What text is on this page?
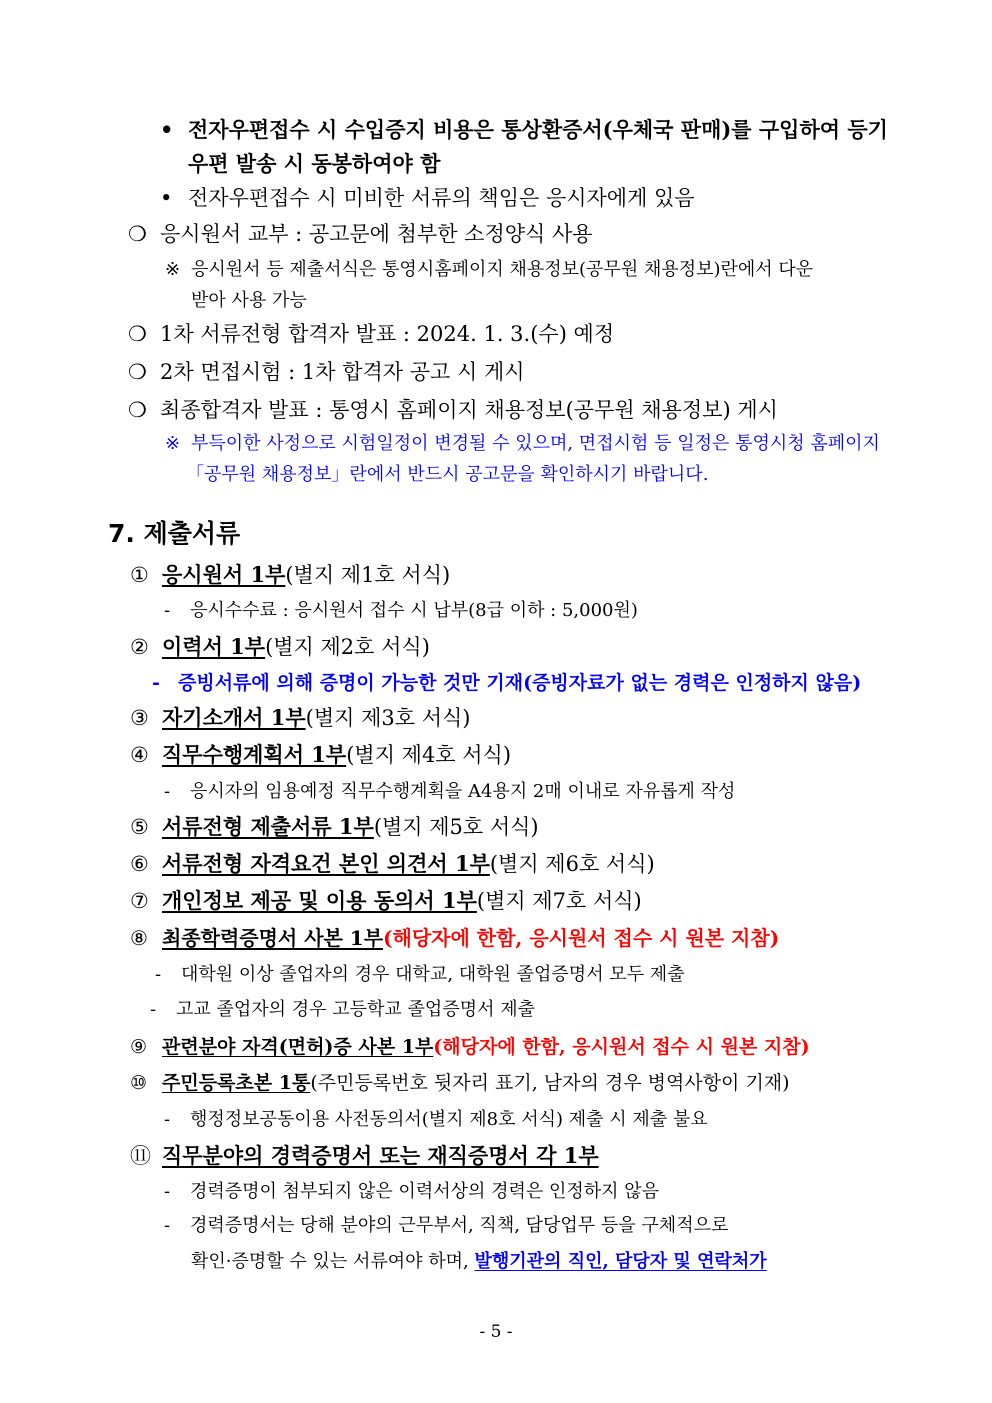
• 전자우편접수 시 수입증지 비용은 통상환증서(우체국 판매)를 구입하여 등기
우편 발송 시 동봉하여야 함
• 전자우편접수 시 미비한 서류의 책임은 응시자에게 있음
❍ 응시원서 교부 : 공고문에 첨부한 소정양식 사용
※ 응시원서 등 제출서식은 통영시홈페이지 채용정보(공무원 채용정보)란에서 다운
받아 사용 가능
❍ 1차 서류전형 합격자 발표 : 2024. 1. 3.(수) 예정
❍ 2차 면접시험 : 1차 합격자 공고 시 게시
❍ 최종합격자 발표 : 통영시 홈페이지 채용정보(공무원 채용정보) 게시
※ 부득이한 사정으로 시험일정이 변경될 수 있으며, 면접시험 등 일정은 통영시청 홈페이지
「공무원 채용정보」란에서 반드시 공고문을 확인하시기 바랍니다.
7. 제출서류
① 응시원서 1부(별지 제1호 서식)
- 응시수수료 : 응시원서 접수 시 납부(8급 이하 : 5,000원)
② 이력서 1부(별지 제2호 서식)
- 증빙서류에 의해 증명이 가능한 것만 기재(증빙자료가 없는 경력은 인정하지 않음)
③ 자기소개서 1부(별지 제3호 서식)
④ 직무수행계획서 1부(별지 제4호 서식)
- 응시자의 임용예정 직무수행계획을 A4용지 2매 이내로 자유롭게 작성
⑤ 서류전형 제출서류 1부(별지 제5호 서식)
⑥ 서류전형 자격요건 본인 의견서 1부(별지 제6호 서식)
⑦ 개인정보 제공 및 이용 동의서 1부(별지 제7호 서식)
⑧ 최종학력증명서 사본 1부(해당자에 한함, 응시원서 접수 시 원본 지참)
- 대학원 이상 졸업자의 경우 대학교, 대학원 졸업증명서 모두 제출
- 고교 졸업자의 경우 고등학교 졸업증명서 제출
⑨ 관련분야 자격(면허)증 사본 1부(해당자에 한함, 응시원서 접수 시 원본 지참)
⑩ 주민등록초본 1통(주민등록번호 뒷자리 표기, 남자의 경우 병역사항이 기재)
- 행정정보공동이용 사전동의서(별지 제8호 서식) 제출 시 제출 불요
⑪ 직무분야의 경력증명서 또는 재직증명서 각 1부
- 경력증명이 첨부되지 않은 이력서상의 경력은 인정하지 않음
- 경력증명서는 당해 분야의 근무부서, 직책, 담당업무 등을 구체적으로
확인·증명할 수 있는 서류여야 하며, 발행기관의 직인, 담당자 및 연락처가
- 5 -
